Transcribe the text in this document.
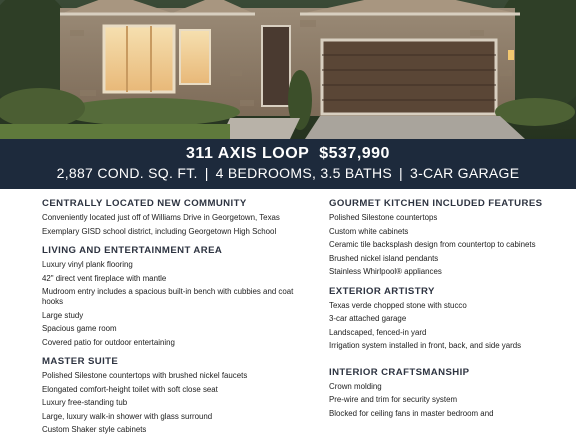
311 AXIS LOOP $537,990
2,887 COND. SQ. FT. | 4 BEDROOMS, 3.5 BATHS | 3-CAR GARAGE
CENTRALLY LOCATED NEW COMMUNITY
Conveniently located just off of Williams Drive in Georgetown, Texas
Exemplary GISD school district, including Georgetown High School
LIVING AND ENTERTAINMENT AREA
Luxury vinyl plank flooring
42" direct vent fireplace with mantle
Mudroom entry includes a spacious built-in bench with cubbies and coat hooks
Large study
Spacious game room
Covered patio for outdoor entertaining
MASTER SUITE
Polished Silestone countertops with brushed nickel faucets
Elongated comfort-height toilet with soft close seat
Luxury free-standing tub
Large, luxury walk-in shower with glass surround
Custom Shaker style cabinets
GOURMET KITCHEN INCLUDED FEATURES
Polished Silestone countertops
Custom white cabinets
Ceramic tile backsplash design from countertop to cabinets
Brushed nickel island pendants
Stainless Whirlpool® appliances
EXTERIOR ARTISTRY
Texas verde chopped stone with stucco
3-car attached garage
Landscaped, fenced-in yard
Irrigation system installed in front, back, and side yards
INTERIOR CRAFTSMANSHIP
Crown molding
Pre-wire and trim for security system
Blocked for ceiling fans in master bedroom and
